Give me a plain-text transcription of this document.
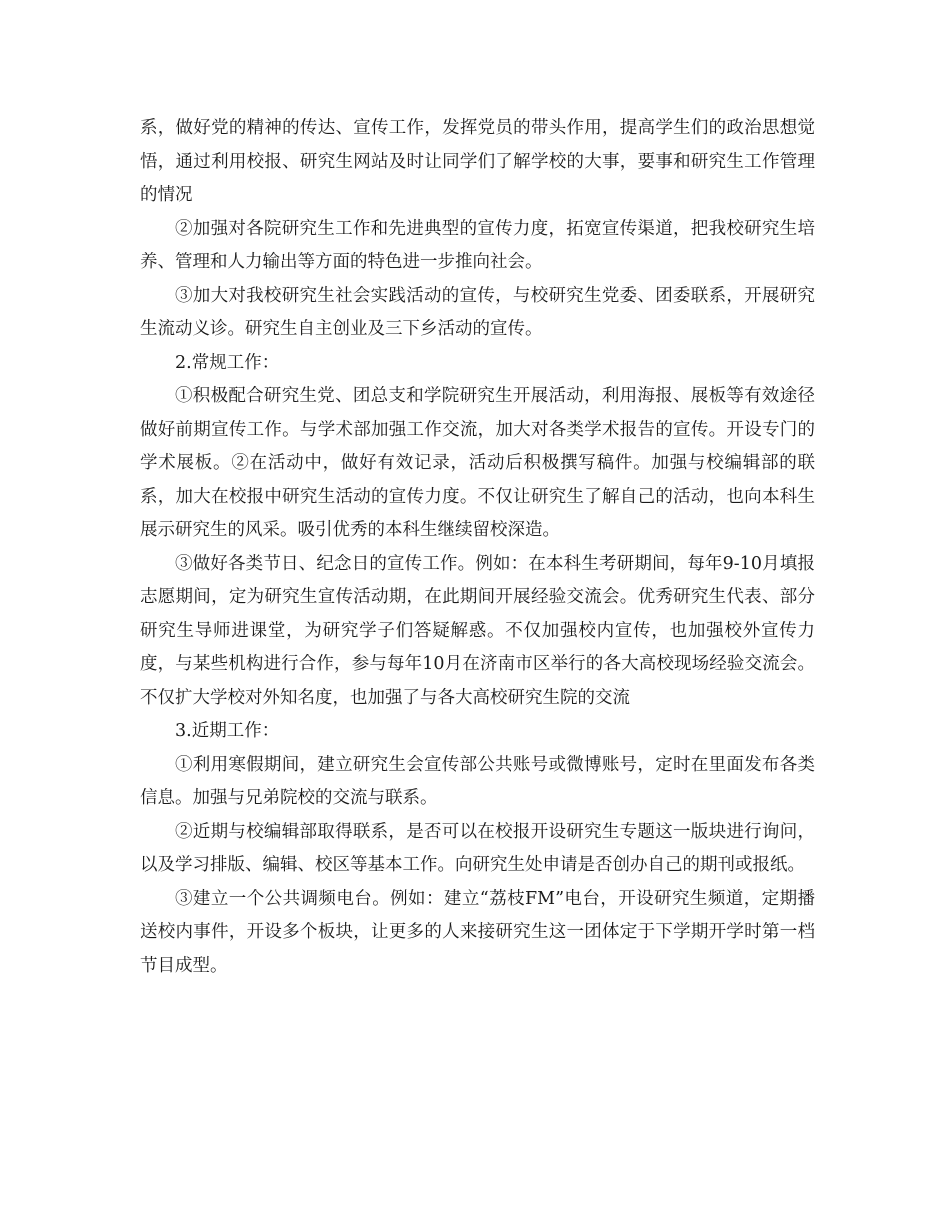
系，做好党的精神的传达、宣传工作，发挥党员的带头作用，提高学生们的政治思想觉悟，通过利用校报、研究生网站及时让同学们了解学校的大事，要事和研究生工作管理的情况

②加强对各院研究生工作和先进典型的宣传力度，拓宽宣传渠道，把我校研究生培养、管理和人力输出等方面的特色进一步推向社会。

③加大对我校研究生社会实践活动的宣传，与校研究生党委、团委联系，开展研究生流动义诊。研究生自主创业及三下乡活动的宣传。

2.常规工作：

①积极配合研究生党、团总支和学院研究生开展活动，利用海报、展板等有效途径做好前期宣传工作。与学术部加强工作交流，加大对各类学术报告的宣传。开设专门的学术展板。②在活动中，做好有效记录，活动后积极撰写稿件。加强与校编辑部的联系，加大在校报中研究生活动的宣传力度。不仅让研究生了解自己的活动，也向本科生展示研究生的风采。吸引优秀的本科生继续留校深造。

③做好各类节日、纪念日的宣传工作。例如：在本科生考研期间，每年9-10月填报志愿期间，定为研究生宣传活动期，在此期间开展经验交流会。优秀研究生代表、部分研究生导师进课堂，为研究学子们答疑解惑。不仅加强校内宣传，也加强校外宣传力度，与某些机构进行合作，参与每年10月在济南市区举行的各大高校现场经验交流会。不仅扩大学校对外知名度，也加强了与各大高校研究生院的交流

3.近期工作：

①利用寒假期间，建立研究生会宣传部公共账号或微博账号，定时在里面发布各类信息。加强与兄弟院校的交流与联系。

②近期与校编辑部取得联系，是否可以在校报开设研究生专题这一版块进行询问，以及学习排版、编辑、校区等基本工作。向研究生处申请是否创办自己的期刊或报纸。

③建立一个公共调频电台。例如：建立“荔枝FM”电台，开设研究生频道，定期播送校内事件，开设多个板块，让更多的人来接研究生这一团体定于下学期开学时第一档节目成型。
